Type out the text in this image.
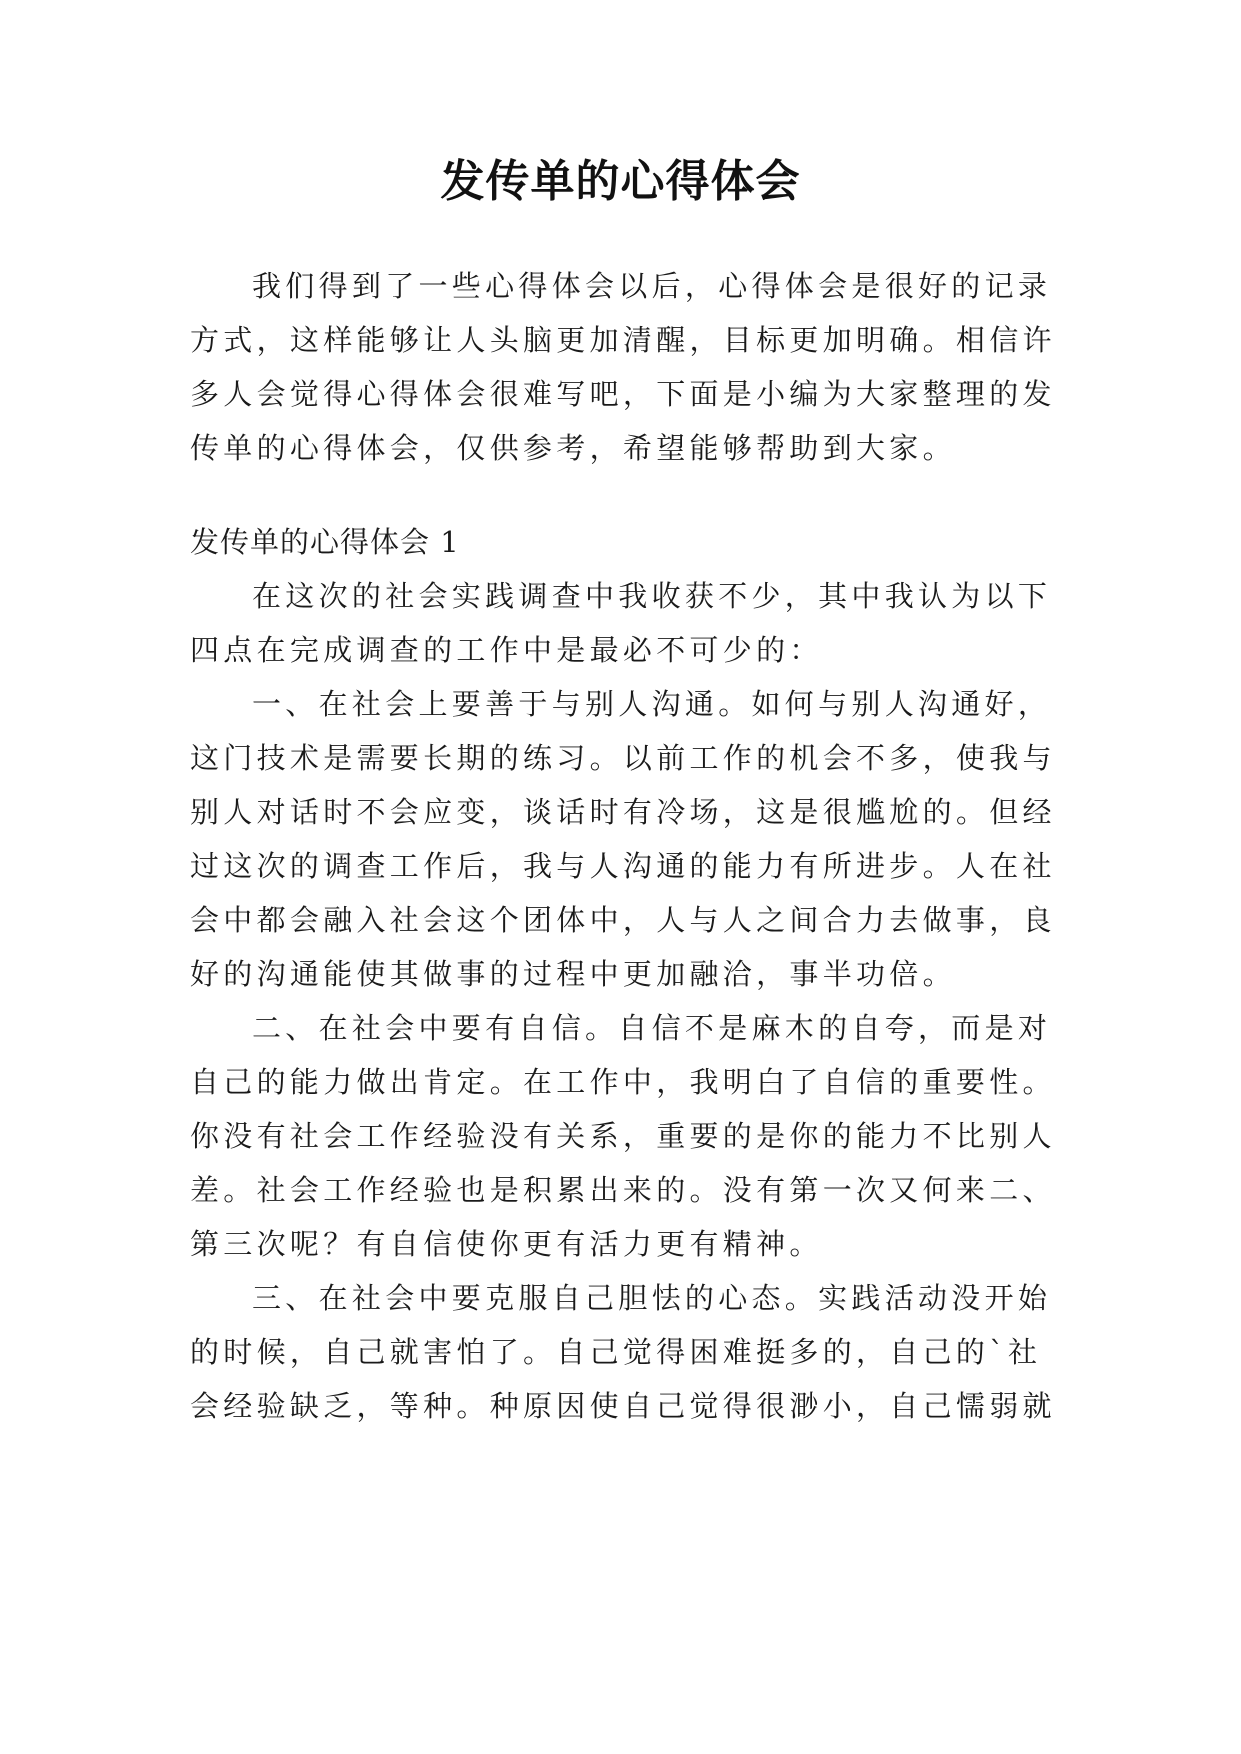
发传单的心得体会
我们得到了一些心得体会以后，心得体会是很好的记录
方式，这样能够让人头脑更加清醒，目标更加明确。相信许
多人会觉得心得体会很难写吧，下面是小编为大家整理的发
传单的心得体会，仅供参考，希望能够帮助到大家。
发传单的心得体会 1
在这次的社会实践调查中我收获不少，其中我认为以下
四点在完成调查的工作中是最必不可少的：
一、在社会上要善于与别人沟通。如何与别人沟通好，
这门技术是需要长期的练习。以前工作的机会不多，使我与
别人对话时不会应变，谈话时有冷场，这是很尴尬的。但经
过这次的调查工作后，我与人沟通的能力有所进步。人在社
会中都会融入社会这个团体中，人与人之间合力去做事，良
好的沟通能使其做事的过程中更加融洽，事半功倍。
二、在社会中要有自信。自信不是麻木的自夸，而是对
自己的能力做出肯定。在工作中，我明白了自信的重要性。
你没有社会工作经验没有关系，重要的是你的能力不比别人
差。社会工作经验也是积累出来的。没有第一次又何来二、
第三次呢？有自信使你更有活力更有精神。
三、在社会中要克服自己胆怯的心态。实践活动没开始
的时候，自己就害怕了。自己觉得困难挺多的，自己的`社
会经验缺乏，等种。种原因使自己觉得很渺小，自己懦弱就
